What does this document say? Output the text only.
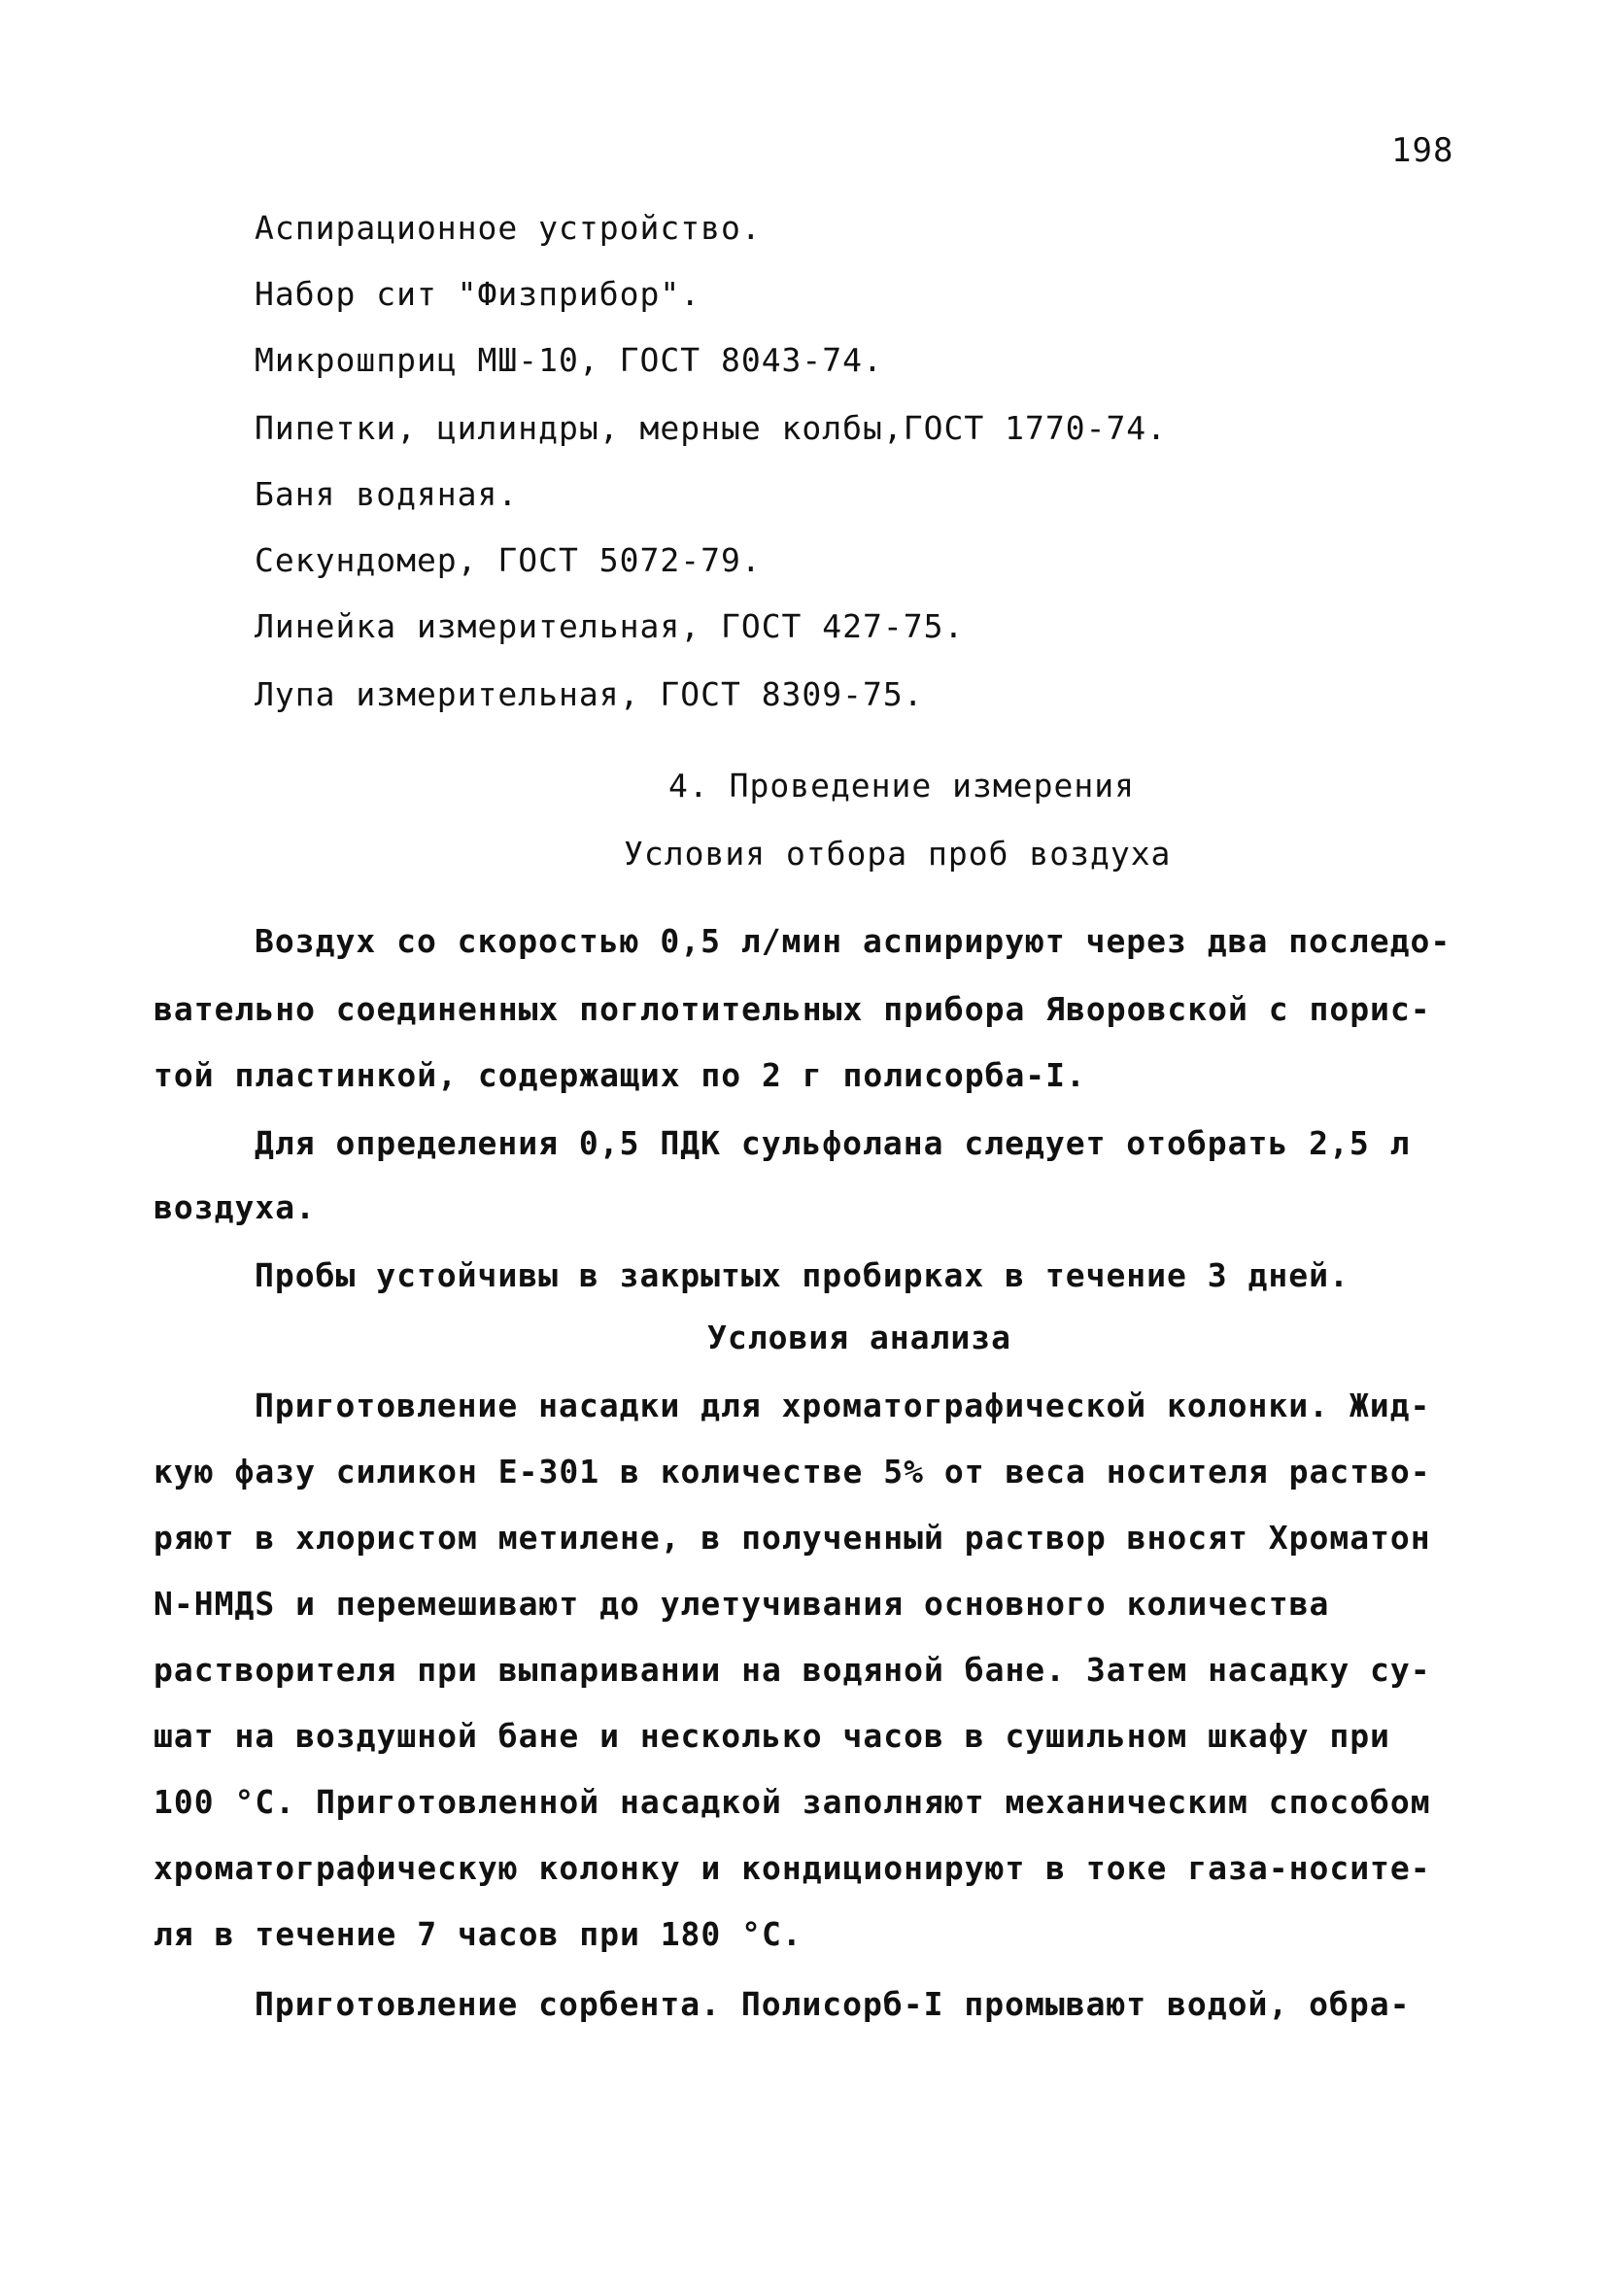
198
Аспирационное устройство.
Набор сит "Физприбор".
Микрошприц МШ-10, ГОСТ 8043-74.
Пипетки, цилиндры, мерные колбы,ГОСТ 1770-74.
Баня водяная.
Секундомер, ГОСТ 5072-79.
Линейка измерительная, ГОСТ 427-75.
Лупа измерительная, ГОСТ 8309-75.
4. Проведение измерения
Условия отбора проб воздуха
Воздух со скоростью 0,5 л/мин аспирируют через два последо-
вательно соединенных поглотительных прибора Яворовской с порис-
той пластинкой, содержащих по 2 г полисорба-I.
Для определения 0,5 ПДК сульфолана следует отобрать 2,5 л
воздуха.
Пробы устойчивы в закрытых пробирках в течение 3 дней.
Условия анализа
Приготовление насадки для хроматографической колонки. Жид-
кую фазу силикон Е-301 в количестве 5% от веса носителя раство-
ряют в хлористом метилене, в полученный раствор вносят Хроматон
N-HMДS и перемешивают до улетучивания основного количества
растворителя при выпаривании на водяной бане. Затем насадку су-
шат на воздушной бане и несколько часов в сушильном шкафу при
100 °С. Приготовленной насадкой заполняют механическим способом
хроматографическую колонку и кондиционируют в токе газа-носите-
ля в течение 7 часов при 180 °С.
Приготовление сорбента. Полисорб-I промывают водой, обра-
